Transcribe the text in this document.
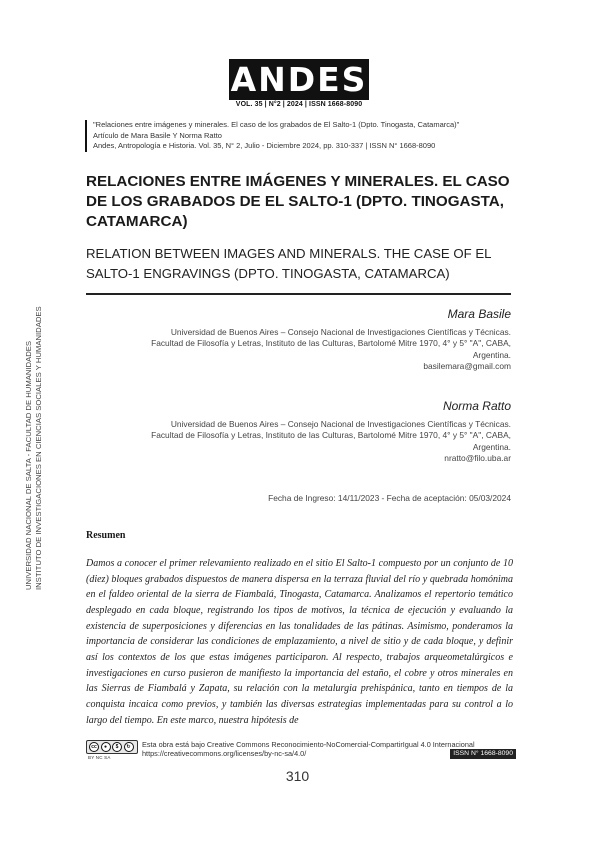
ANDES
VOL. 35 | N°2 | 2024 | ISSN 1668-8090
"Relaciones entre imágenes y minerales. El caso de los grabados de El Salto-1 (Dpto. Tinogasta, Catamarca)"
Artículo de Mara Basile Y Norma Ratto
Andes, Antropología e Historia. Vol. 35, N° 2, Julio - Diciembre 2024, pp. 310-337 | ISSN N° 1668-8090
RELACIONES ENTRE IMÁGENES Y MINERALES. EL CASO DE LOS GRABADOS DE EL SALTO-1 (DPTO. TINOGASTA, CATAMARCA)
RELATION BETWEEN IMAGES AND MINERALS. THE CASE OF EL SALTO-1 ENGRAVINGS (DPTO. TINOGASTA, CATAMARCA)
Mara Basile
Universidad de Buenos Aires – Consejo Nacional de Investigaciones Científicas y Técnicas.
Facultad de Filosofía y Letras, Instituto de las Culturas, Bartolomé Mitre 1970, 4° y 5° "A", CABA,
Argentina.
basilemara@gmail.com
Norma Ratto
Universidad de Buenos Aires – Consejo Nacional de Investigaciones Científicas y Técnicas.
Facultad de Filosofía y Letras, Instituto de las Culturas, Bartolomé Mitre 1970, 4° y 5° "A", CABA,
Argentina.
nratto@filo.uba.ar
Fecha de Ingreso: 14/11/2023 - Fecha de aceptación: 05/03/2024
UNIVERSIDAD NACIONAL DE SALTA - FACULTAD DE HUMANIDADES INSTITUTO DE INVESTIGACIONES EN CIENCIAS SOCIALES Y HUMANIDADES	Resumen
Damos a conocer el primer relevamiento realizado en el sitio El Salto-1 compuesto por un conjunto de 10 (diez) bloques grabados dispuestos de manera dispersa en la terraza fluvial del río y quebrada homónima en el faldeo oriental de la sierra de Fiambalá, Tinogasta, Catamarca. Analizamos el repertorio temático desplegado en cada bloque, registrando los tipos de motivos, la técnica de ejecución y evaluando la existencia de superposiciones y diferencias en las tonalidades de las pátinas. Asimismo, ponderamos la importancia de considerar las condiciones de emplazamiento, a nivel de sitio y de cada bloque, y definir así los contextos de los que estas imágenes participaron. Al respecto, trabajos arqueometalúrgicos e investigaciones en curso pusieron de manifiesto la importancia del estaño, el cobre y otros minerales en las Sierras de Fiambalá y Zapata, su relación con la metalurgia prehispánica, tanto en tiempos de la conquista incaica como previos, y también las diversas estrategias implementadas para su control a lo largo del tiempo. En este marco, nuestra hipótesis de
cc	●	$	↻
BY NC SA
Esta obra está bajo Creative Commons Reconocimiento-NoComercial-CompartirIgual 4.0 Internacional
https://creativecommons.org/licenses/by-nc-sa/4.0/	ISSN N° 1668-8090
310
